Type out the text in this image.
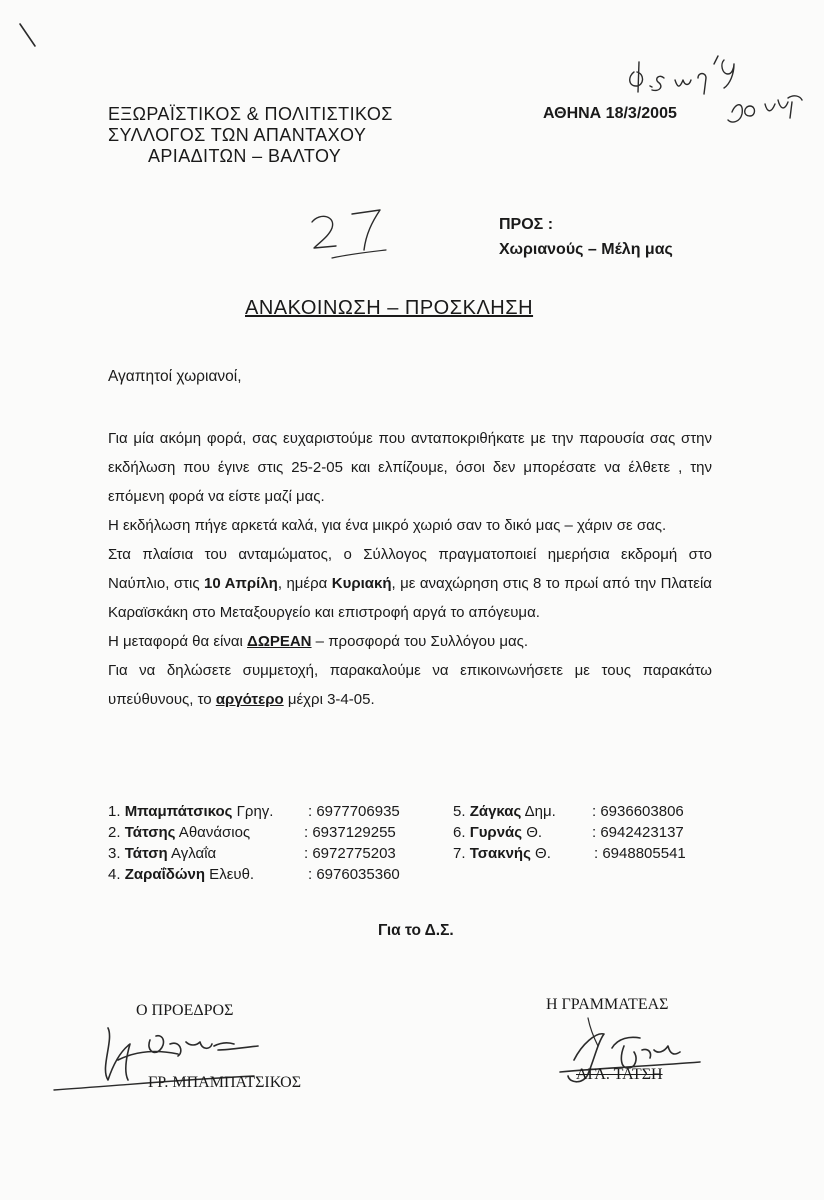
ΕΞΩΡΑΪΣΤΙΚΟΣ & ΠΟΛΙΤΙΣΤΙΚΟΣ
ΣΥΛΛΟΓΟΣ ΤΩΝ ΑΠΑΝΤΑΧΟΥ
ΑΡΙΑΔΙΤΩΝ – ΒΑΛΤΟΥ
ΑΘΗΝΑ 18/3/2005
ΠΡΟΣ :
Χωριανούς – Μέλη μας
ΑΝΑΚΟΙΝΩΣΗ – ΠΡΟΣΚΛΗΣΗ
Αγαπητοί χωριανοί,

Για μία ακόμη φορά, σας ευχαριστούμε που ανταποκριθήκατε με την παρουσία σας στην εκδήλωση που έγινε στις 25-2-05 και ελπίζουμε, όσοι δεν μπορέσατε να έλθετε , την επόμενη φορά να είστε μαζί μας.

Η εκδήλωση πήγε αρκετά καλά, για ένα μικρό χωριό σαν το δικό μας – χάριν σε σας.

Στα πλαίσια του ανταμώματος, ο Σύλλογος πραγματοποιεί ημερήσια εκδρομή στο Ναύπλιο, στις 10 Απρίλη, ημέρα Κυριακή, με αναχώρηση στις 8 το πρωί από την Πλατεία Καραϊσκάκη στο Μεταξουργείο και επιστροφή αργά το απόγευμα.

Η μεταφορά θα είναι ΔΩΡΕΑΝ – προσφορά του Συλλόγου μας.

Για να δηλώσετε συμμετοχή, παρακαλούμε να επικοινωνήσετε με τους παρακάτω υπεύθυνους, το αργότερο μέχρι 3-4-05.

1. Μπαμπάτσικος Γρηγ. : 6977706935
2. Τάτσης Αθανάσιος	: 6937129255
3. Τάτση Αγλαΐα	: 6972775203
4. Ζαραΐδώνη Ελευθ.	: 6976035360
5. Ζάγκας Δημ. : 6936603806
6. Γυρνάς Θ.	: 6942423137
7. Τσακνής Θ.	: 6948805541
Για το Δ.Σ.
Ο ΠΡΟΕΔΡΟΣ
ΓΡ. ΜΠΑΜΠΑΤΣΙΚΟΣ
Η ΓΡΑΜΜΑΤΕΑΣ
ΑΓΛ. ΤΑΤΣΗ
